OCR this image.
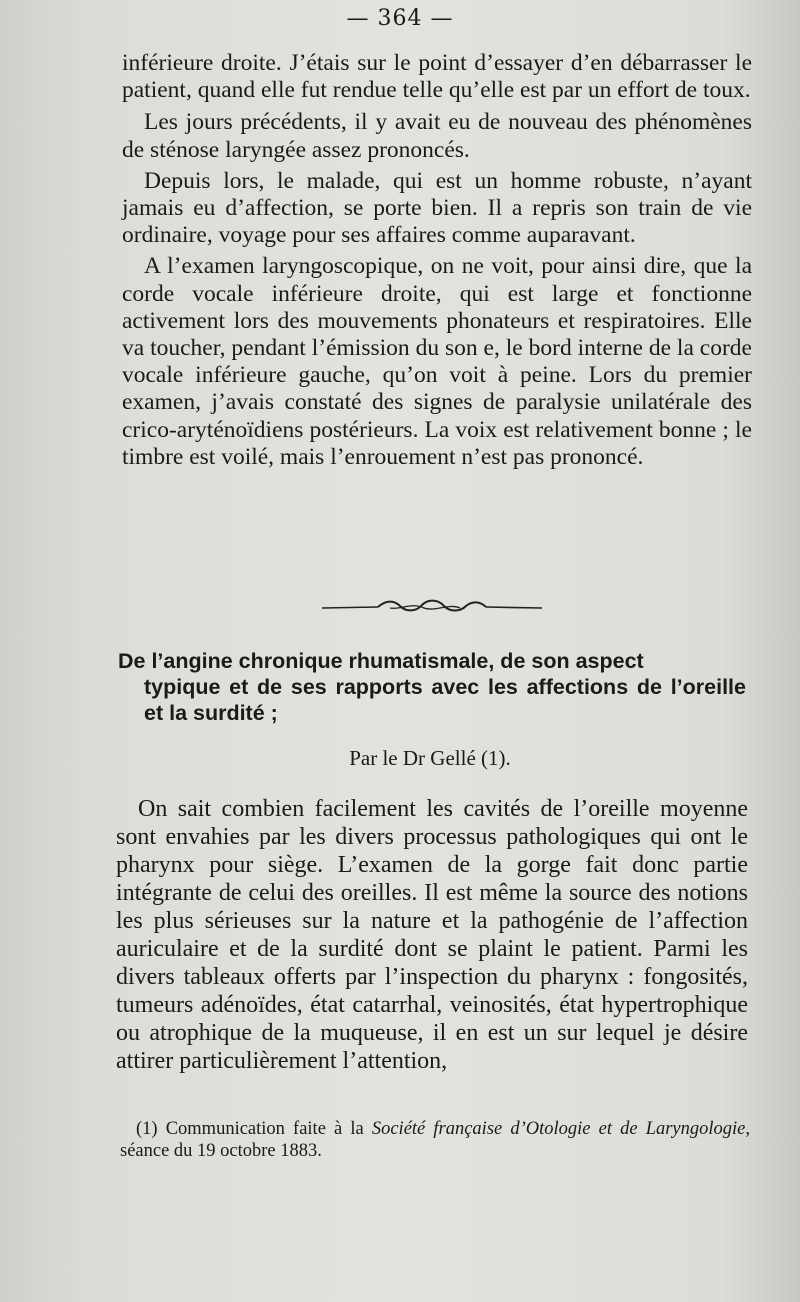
— 364 —

inférieure droite. J’étais sur le point d’essayer d’en débarrasser le patient, quand elle fut rendue telle qu’elle est par un effort de toux.

Les jours précédents, il y avait eu de nouveau des phénomènes de sténose laryngée assez prononcés.

Depuis lors, le malade, qui est un homme robuste, n’ayant jamais eu d’affection, se porte bien. Il a repris son train de vie ordinaire, voyage pour ses affaires comme auparavant.

A l’examen laryngoscopique, on ne voit, pour ainsi dire, que la corde vocale inférieure droite, qui est large et fonctionne activement lors des mouvements phonateurs et respiratoires. Elle va toucher, pendant l’émission du son e, le bord interne de la corde vocale inférieure gauche, qu’on voit à peine. Lors du premier examen, j’avais constaté des signes de paralysie unilatérale des crico-aryténoïdiens postérieurs. La voix est relativement bonne ; le timbre est voilé, mais l’enrouement n’est pas prononcé.

De l’angine chronique rhumatismale, de son aspect
typique et de ses rapports avec les affections de l’oreille et la surdité ;
Par le Dr Gellé (1).

On sait combien facilement les cavités de l’oreille moyenne sont envahies par les divers processus pathologiques qui ont le pharynx pour siège. L’examen de la gorge fait donc partie intégrante de celui des oreilles. Il est même la source des notions les plus sérieuses sur la nature et la pathogénie de l’affection auriculaire et de la surdité dont se plaint le patient. Parmi les divers tableaux offerts par l’inspection du pharynx : fongosités, tumeurs adénoïdes, état catarrhal, veinosités, état hypertrophique ou atrophique de la muqueuse, il en est un sur lequel je désire attirer particulièrement l’attention,

(1) Communication faite à la Société française d’Otologie et de Laryngologie, séance du 19 octobre 1883.
